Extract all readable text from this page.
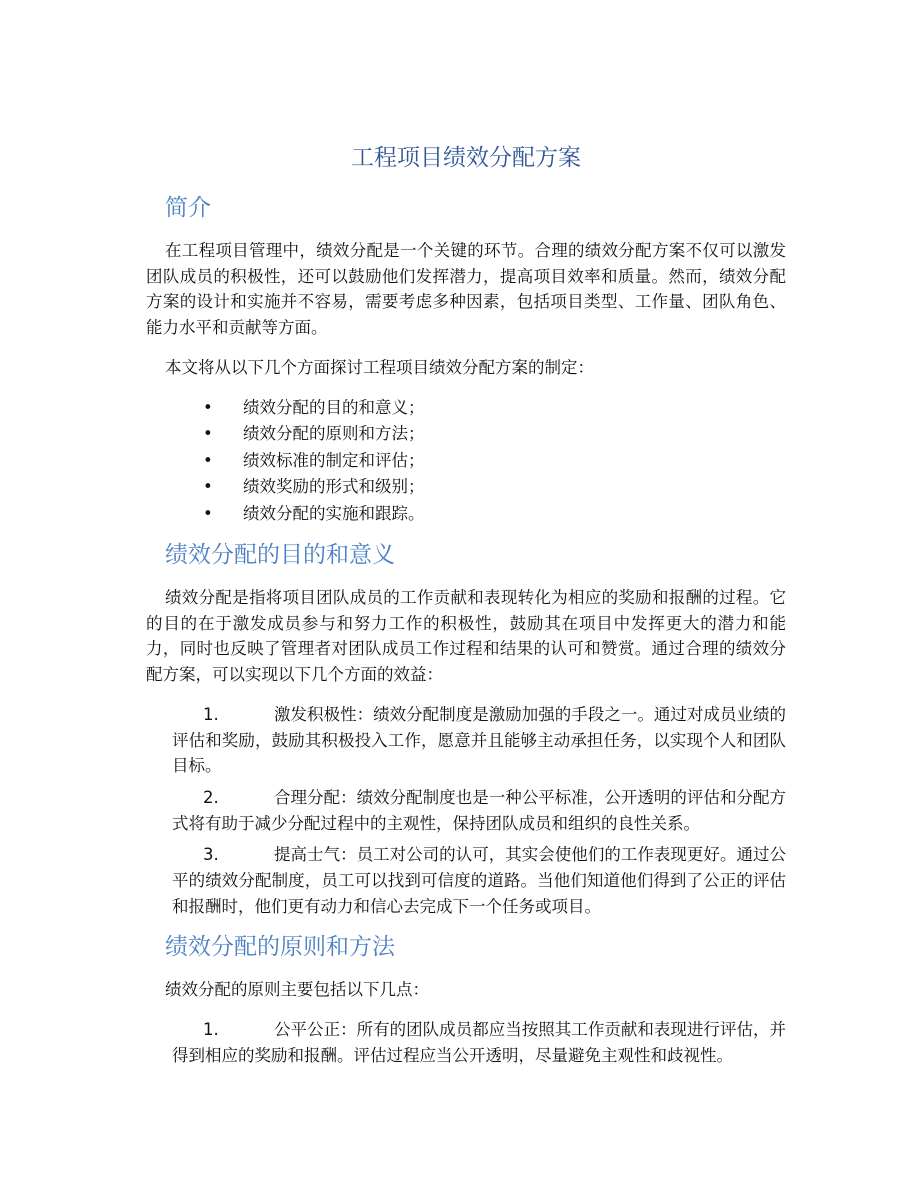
工程项目绩效分配方案
简介

在工程项目管理中，绩效分配是一个关键的环节。合理的绩效分配方案不仅可以激发团队成员的积极性，还可以鼓励他们发挥潜力，提高项目效率和质量。然而，绩效分配方案的设计和实施并不容易，需要考虑多种因素，包括项目类型、工作量、团队角色、能力水平和贡献等方面。

本文将从以下几个方面探讨工程项目绩效分配方案的制定：

• 绩效分配的目的和意义；
• 绩效分配的原则和方法；
• 绩效标准的制定和评估；
• 绩效奖励的形式和级别；
• 绩效分配的实施和跟踪。
绩效分配的目的和意义

绩效分配是指将项目团队成员的工作贡献和表现转化为相应的奖励和报酬的过程。它的目的在于激发成员参与和努力工作的积极性，鼓励其在项目中发挥更大的潜力和能力，同时也反映了管理者对团队成员工作过程和结果的认可和赞赏。通过合理的绩效分配方案，可以实现以下几个方面的效益：

1.	激发积极性：绩效分配制度是激励加强的手段之一。通过对成员业绩的评估和奖励，鼓励其积极投入工作，愿意并且能够主动承担任务，以实现个人和团队目标。
2.	合理分配：绩效分配制度也是一种公平标准，公开透明的评估和分配方式将有助于减少分配过程中的主观性，保持团队成员和组织的良性关系。
3.	提高士气：员工对公司的认可，其实会使他们的工作表现更好。通过公平的绩效分配制度，员工可以找到可信度的道路。当他们知道他们得到了公正的评估和报酬时，他们更有动力和信心去完成下一个任务或项目。
绩效分配的原则和方法

绩效分配的原则主要包括以下几点：

1.	公平公正：所有的团队成员都应当按照其工作贡献和表现进行评估，并得到相应的奖励和报酬。评估过程应当公开透明，尽量避免主观性和歧视性。
